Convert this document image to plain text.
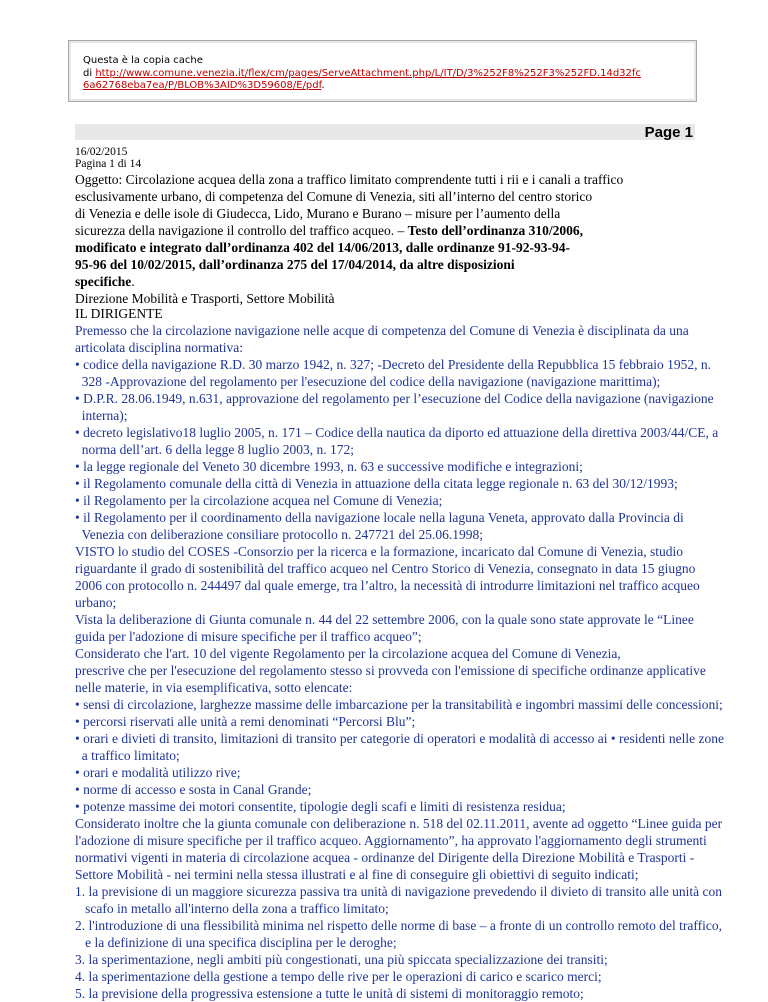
Questa è la copia cache
di http://www.comune.venezia.it/flex/cm/pages/ServeAttachment.php/L/IT/D/3%252F8%252F3%252FD.14d32fc
6a62768eba7ea/P/BLOB%3AID%3D59608/E/pdf.
Page 1
16/02/2015
Pagina 1 di 14
Oggetto: Circolazione acquea della zona a traffico limitato comprendente tutti i rii e i canali a traffico
esclusivamente urbano, di competenza del Comune di Venezia, siti all’interno del centro storico
di Venezia e delle isole di Giudecca, Lido, Murano e Burano – misure per l’aumento della
sicurezza della navigazione il controllo del traffico acqueo. – Testo dell’ordinanza 310/2006,
modificato e integrato dall’ordinanza 402 del 14/06/2013, dalle ordinanze 91-92-93-94-
95-96 del 10/02/2015, dall’ordinanza 275 del 17/04/2014, da altre disposizioni
specifiche.
Direzione Mobilità e Trasporti, Settore Mobilità

IL DIRIGENTE

Premesso che la circolazione navigazione nelle acque di competenza del Comune di Venezia è disciplinata da una

articolata disciplina normativa:

• codice della navigazione R.D. 30 marzo 1942, n. 327; -Decreto del Presidente della Repubblica 15 febbraio 1952, n.

328 -Approvazione del regolamento per l'esecuzione del codice della navigazione (navigazione marittima);

• D.P.R. 28.06.1949, n.631, approvazione del regolamento per l’esecuzione del Codice della navigazione (navigazione

interna);

• decreto legislativo18 luglio 2005, n. 171 – Codice della nautica da diporto ed attuazione della direttiva 2003/44/CE, a

norma dell’art. 6 della legge 8 luglio 2003, n. 172;

• la legge regionale del Veneto 30 dicembre 1993, n. 63 e successive modifiche e integrazioni;

• il Regolamento comunale della città di Venezia in attuazione della citata legge regionale n. 63 del 30/12/1993;

• il Regolamento per la circolazione acquea nel Comune di Venezia;

• il Regolamento per il coordinamento della navigazione locale nella laguna Veneta, approvato dalla Provincia di

Venezia con deliberazione consiliare protocollo n. 247721 del 25.06.1998;

VISTO lo studio del COSES -Consorzio per la ricerca e la formazione, incaricato dal Comune di Venezia, studio

riguardante il grado di sostenibilità del traffico acqueo nel Centro Storico di Venezia, consegnato in data 15 giugno

2006 con protocollo n. 244497 dal quale emerge, tra l’altro, la necessità di introdurre limitazioni nel traffico acqueo

urbano;

Vista la deliberazione di Giunta comunale n. 44 del 22 settembre 2006, con la quale sono state approvate le “Linee

guida per l'adozione di misure specifiche per il traffico acqueo”;

Considerato che l'art. 10 del vigente Regolamento per la circolazione acquea del Comune di Venezia,

prescrive che per l'esecuzione del regolamento stesso si provveda con l'emissione di specifiche ordinanze applicative

nelle materie, in via esemplificativa, sotto elencate:

• sensi di circolazione, larghezze massime delle imbarcazione per la transitabilità e ingombri massimi delle concessioni;

• percorsi riservati alle unità a remi denominati “Percorsi Blu”;

• orari e divieti di transito, limitazioni di transito per categorie di operatori e modalità di accesso ai • residenti nelle zone

a traffico limitato;

• orari e modalità utilizzo rive;

• norme di accesso e sosta in Canal Grande;

• potenze massime dei motori consentite, tipologie degli scafi e limiti di resistenza residua;

Considerato inoltre che la giunta comunale con deliberazione n. 518 del 02.11.2011, avente ad oggetto “Linee guida per

l'adozione di misure specifiche per il traffico acqueo. Aggiornamento”, ha approvato l'aggiornamento degli strumenti

normativi vigenti in materia di circolazione acquea - ordinanze del Dirigente della Direzione Mobilità e Trasporti -

Settore Mobilità - nei termini nella stessa illustrati e al fine di conseguire gli obiettivi di seguito indicati;

1. la previsione di un maggiore sicurezza passiva tra unità di navigazione prevedendo il divieto di transito alle unità con

scafo in metallo all'interno della zona a traffico limitato;

2. l'introduzione di una flessibilità minima nel rispetto delle norme di base – a fronte di un controllo remoto del traffico,

e la definizione di una specifica disciplina per le deroghe;

3. la sperimentazione, negli ambiti più congestionati, una più spiccata specializzazione dei transiti;

4. la sperimentazione della gestione a tempo delle rive per le operazioni di carico e scarico merci;

5. la previsione della progressiva estensione a tutte le unità di sistemi di monitoraggio remoto;
